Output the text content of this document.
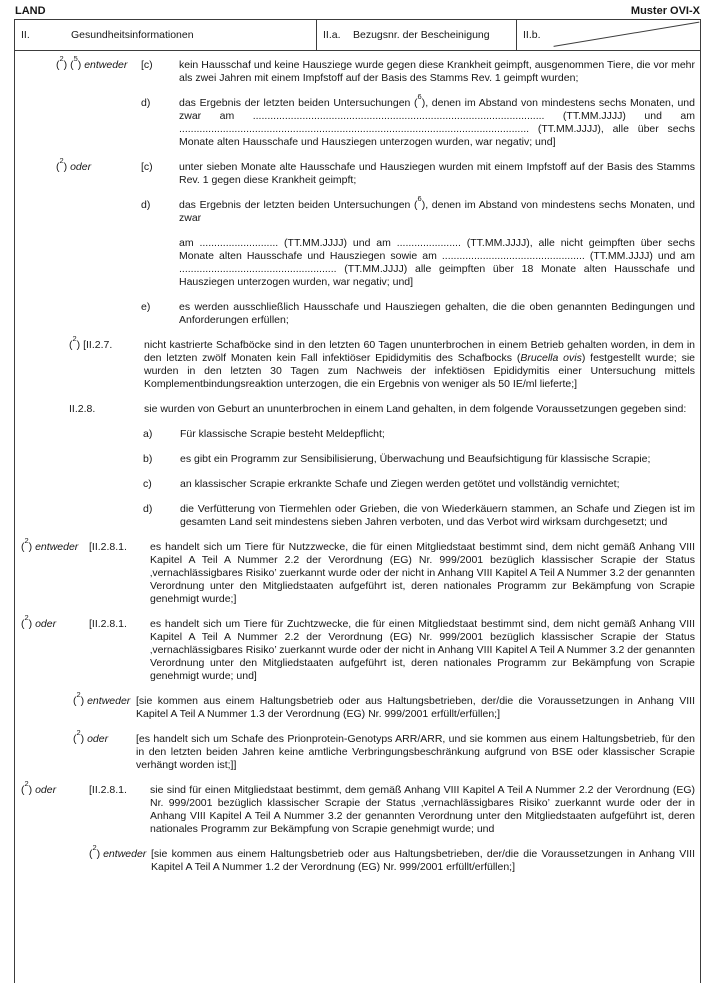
LAND	Muster OVI-X
II.	Gesundheitsinformationen	II.a.	Bezugsnr. der Bescheinigung	II.b.
($^2$) ($^5$) entweder	[c)	kein Hausschaf und keine Hausziege wurde gegen diese Krankheit geimpft, ausgenommen Tiere, die vor mehr als zwei Jahren mit einem Impfstoff auf der Basis des Stamms Rev. 1 geimpft wurden;
d)	das Ergebnis der letzten beiden Untersuchungen ($^6$), denen im Abstand von mindestens sechs Monaten, und zwar am .................................................................................................... (TT.MM.JJJJ) und am ........................................................................................................................ (TT.MM.JJJJ), alle über sechs Monate alten Hausschafe und Hausziegen unterzogen wurden, war negativ; und]
($^2$) oder	[c)	unter sieben Monate alte Hausschafe und Hausziegen wurden mit einem Impfstoff auf der Basis des Stamms Rev. 1 gegen diese Krankheit geimpft;
d)	das Ergebnis der letzten beiden Untersuchungen ($^6$), denen im Abstand von mindestens sechs Monaten, und zwar
am ........................... (TT.MM.JJJJ) und am ...................... (TT.MM.JJJJ), alle nicht geimpften über sechs Monate alten Hausschafe und Hausziegen sowie am ................................................. (TT.MM.JJJJ) und am ...................................................... (TT.MM.JJJJ) alle geimpften über 18 Monate alten Hausschafe und Hausziegen unterzogen wurden, war negativ; und]
e)	es werden ausschließlich Hausschafe und Hausziegen gehalten, die die oben genannten Bedingungen und Anforderungen erfüllen;
($^2$) [II.2.7.	nicht kastrierte Schafböcke sind in den letzten 60 Tagen ununterbrochen in einem Betrieb gehalten worden, in dem in den letzten zwölf Monaten kein Fall infektiöser Epididymitis des Schafbocks (Brucella ovis) festgestellt wurde; sie wurden in den letzten 30 Tagen zum Nachweis der infektiösen Epididymitis einer Untersuchung mittels Komplementbindungsreaktion unterzogen, die ein Ergebnis von weniger als 50 IE/ml lieferte;]
II.2.8.	sie wurden von Geburt an ununterbrochen in einem Land gehalten, in dem folgende Voraussetzungen gegeben sind:
a)	Für klassische Scrapie besteht Meldepflicht;
b)	es gibt ein Programm zur Sensibilisierung, Überwachung und Beaufsichtigung für klassische Scrapie;
c)	an klassischer Scrapie erkrankte Schafe und Ziegen werden getötet und vollständig vernichtet;
d)	die Verfütterung von Tiermehlen oder Grieben, die von Wiederkäuern stammen, an Schafe und Ziegen ist im gesamten Land seit mindestens sieben Jahren verboten, und das Verbot wird wirksam durchgesetzt; und
($^2$) entweder	[II.2.8.1.	es handelt sich um Tiere für Nutzzwecke, die für einen Mitgliedstaat bestimmt sind, dem nicht gemäß Anhang VIII Kapitel A Teil A Nummer 2.2 der Verordnung (EG) Nr. 999/2001 bezüglich klassischer Scrapie der Status ‚vernachlässigbares Risiko’ zuerkannt wurde oder der nicht in Anhang VIII Kapitel A Teil A Nummer 3.2 der genannten Verordnung unter den Mitgliedstaaten aufgeführt ist, deren nationales Programm zur Bekämpfung von Scrapie genehmigt wurde;]
($^2$) oder	[II.2.8.1.	es handelt sich um Tiere für Zuchtzwecke, die für einen Mitgliedstaat bestimmt sind, dem nicht gemäß Anhang VIII Kapitel A Teil A Nummer 2.2 der Verordnung (EG) Nr. 999/2001 bezüglich klassischer Scrapie der Status ‚vernachlässigbares Risiko’ zuerkannt wurde oder der nicht in Anhang VIII Kapitel A Teil A Nummer 3.2 der genannten Verordnung unter den Mitgliedstaaten aufgeführt ist, deren nationales Programm zur Bekämpfung von Scrapie genehmigt wurde; und]
($^2$) entweder [sie kommen aus einem Haltungsbetrieb oder aus Haltungsbetrieben, der/die die Voraussetzungen in Anhang VIII Kapitel A Teil A Nummer 1.3 der Verordnung (EG) Nr. 999/2001 erfüllt/erfüllen;]
($^2$) oder	[es handelt sich um Schafe des Prionprotein-Genotyps ARR/ARR, und sie kommen aus einem Haltungsbetrieb, für den in den letzten beiden Jahren keine amtliche Verbringungsbeschränkung aufgrund von BSE oder klassischer Scrapie verhängt worden ist;]]
($^2$) oder	[II.2.8.1.	sie sind für einen Mitgliedstaat bestimmt, dem gemäß Anhang VIII Kapitel A Teil A Nummer 2.2 der Verordnung (EG) Nr. 999/2001 bezüglich klassischer Scrapie der Status ‚vernachlässigbares Risiko’ zuerkannt wurde oder der in Anhang VIII Kapitel A Teil A Nummer 3.2 der genannten Verordnung unter den Mitgliedstaaten aufgeführt ist, deren nationales Programm zur Bekämpfung von Scrapie genehmigt wurde; und
($^2$) entweder [sie kommen aus einem Haltungsbetrieb oder aus Haltungsbetrieben, der/die die Voraussetzungen in Anhang VIII Kapitel A Teil A Nummer 1.2 der Verordnung (EG) Nr. 999/2001 erfüllt/erfüllen;]
